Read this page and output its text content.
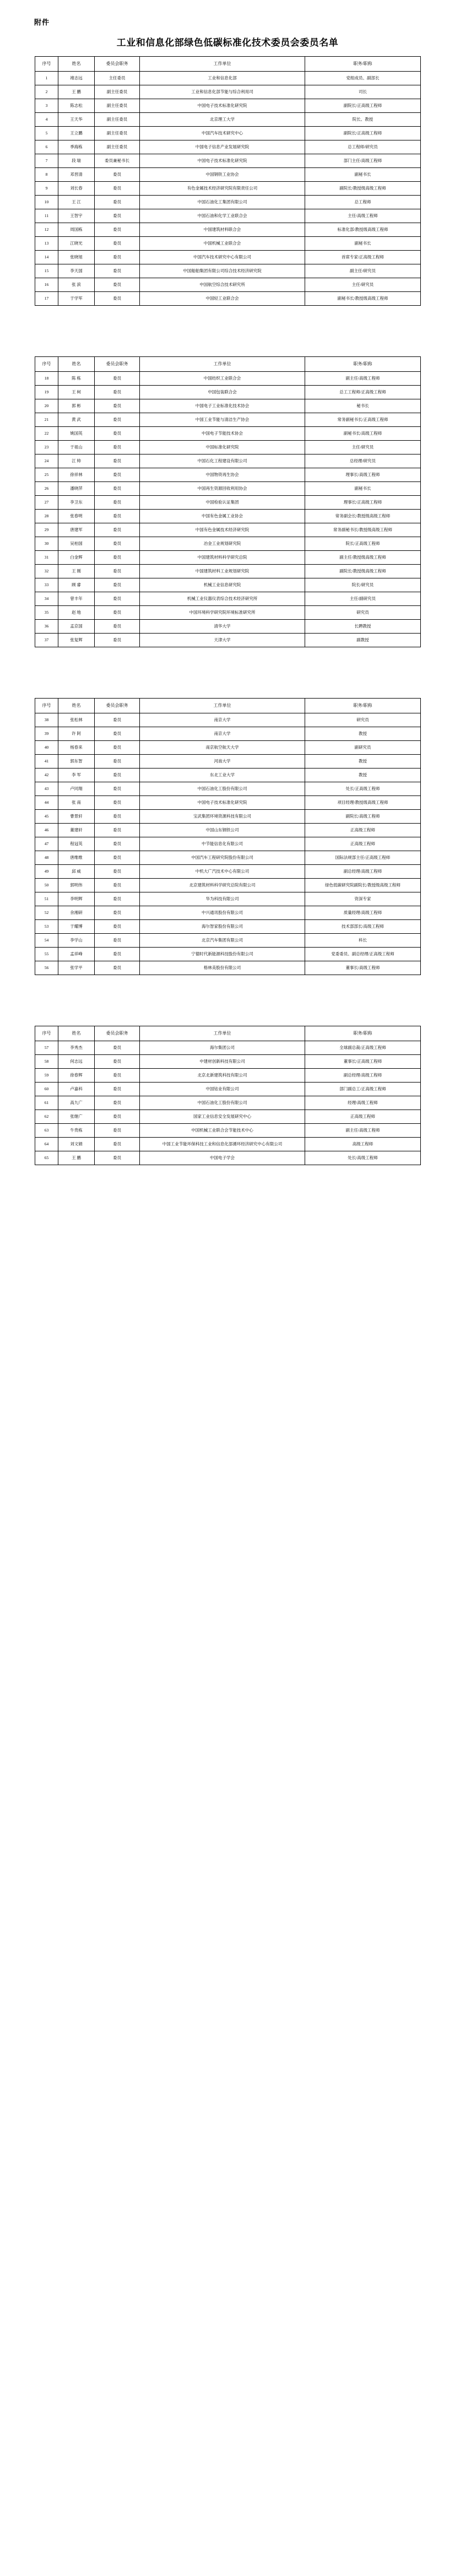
附件
工业和信息化部绿色低碳标准化技术委员会委员名单
序号	姓名	委员会职务	工作单位	职务/职称
1	褚志远	主任委员	工业和信息化部	党组成员、副部长
2	王 鹏	副主任委员	工业和信息化部节能与综合利用司	司长
3	陈志松	副主任委员	中国电子技术标准化研究院	副院长/正高级工程师
4	王天华	副主任委员	北京理工大学	院长、教授
5	王立鹏	副主任委员	中国汽车技术研究中心	副院长/正高级工程师
6	季海栋	副主任委员	中国电子信息产业发展研究院	总工程师/研究员
7	段 瑞	委员兼秘书长	中国电子技术标准化研究院	部门主任/高级工程师
8	邓晋清	委员	中国钢铁工业协会	副秘书长
9	刘长春	委员	有色金属技术经济研究院有限责任公司	副院长/教授级高级工程师
10	王 江	委员	中国石油化工集团有限公司	总工程师
11	王智宇	委员	中国石油和化学工业联合会	主任/高级工程师
12	周国栋	委员	中国建筑材料联合会	标准化部/教授级高级工程师
13	江晓光	委员	中国机械工业联合会	副秘书长
14	张晓旭	委员	中国汽车技术研究中心有限公司	首席专家/正高级工程师
15	李天国	委员	中国船舶集团有限公司综合技术经济研究院	副主任/研究员
16	张 滨	委员	中国航空综合技术研究所	主任/研究员
17	于学军	委员	中国轻工业联合会	副秘书长/教授级高级工程师
序号	姓名	委员会职务	工作单位	职务/职称
18	陈 栋	委员	中国纺织工业联合会	副主任/高级工程师
19	王 柯	委员	中国包装联合会	总工工程师/正高级工程师
20	郭 彬	委员	中国电子工业标准化技术协会	秘书长
21	黄 武	委员	中国工业节能与清洁生产协会	常务副秘书长/正高级工程师
22	姚国英	委员	中国电子节能技术协会	副秘书长/高级工程师
23	于祖山	委员	中国标准化研究院	主任/研究员
24	江 帅	委员	中国石化工程建设有限公司	总经理/研究员
25	徐祥林	委员	中国物资再生协会	理事长/高级工程师
26	潘晓萍	委员	中国再生资源回收利用协会	副秘书长
27	李卫东	委员	中国检验认证集团	理事长/正高级工程师
28	张春明	委员	中国有色金属工业协会	常务副会长/教授级高级工程师
29	唐建军	委员	中国有色金属技术经济研究院	常务副秘书长/教授级高级工程师
30	吴柏国	委员	冶金工业规划研究院	院长/正高级工程师
31	白金辉	委员	中国建筑材料科学研究总院	副主任/教授级高级工程师
32	王 刚	委员	中国建筑材料工业规划研究院	副院长/教授级高级工程师
33	顾 睿	委员	机械工业信息研究院	院长/研究员
34	曾丰年	委员	机械工业仪器仪表综合技术经济研究所	主任/副研究员
35	赵 地	委员	中国环境科学研究院环境标准研究所	研究员
36	孟京国	委员	清华大学	长聘教授
37	张复辉	委员	天津大学	副教授
序号	姓名	委员会职务	工作单位	职务/职称
38	张松林	委员	南京大学	研究员
39	许 阿	委员	南京大学	教授
40	杨春来	委员	南京航空航天大学	副研究员
41	郭东智	委员	河南大学	教授
42	李 军	委员	东北工业大学	教授
43	卢同翔	委员	中国石油化工股份有限公司	处长/正高级工程师
44	张 南	委员	中国电子技术标准化研究院	项目经理/教授级高级工程师
45	曹景轩	委员	宝武集团环境资源科技有限公司	副院长/高级工程师
46	董建轩	委员	中国山东钢铁公司	正高级工程师
47	程冠英	委员	中节能信息化有限公司	正高级工程师
48	唐维维	委员	中国汽车工程研究院股份有限公司	国际法规部主任/正高级工程师
49	邱 威	委员	中机大广汽技术中心有限公司	副总经理/高级工程师
50	郭明伟	委员	北京建筑材料科学研究总院有限公司	绿色低碳研究院副院长/教授级高级工程师
51	李明辉	委员	华为科技有限公司	资深专家
52	余湘研	委员	中兴通讯股份有限公司	质量经理/高级工程师
53	于耀博	委员	海尔智家股份有限公司	技术部部长/高级工程师
54	李学山	委员	北京汽车集团有限公司	科长
55	孟祥峰	委员	宁德时代新能源科技股份有限公司	党委委员、副总经理/正高级工程师
56	张学平	委员	格林美股份有限公司	董事长/高级工程师
序号	姓名	委员会职务	工作单位	职务/职称
57	李秀杰	委员	海尔集团公司	全球副总裁/正高级工程师
58	何志远	委员	中建材创新科技有限公司	董事长/正高级工程师
59	徐春辉	委员	北京北新建筑科技有限公司	副总经理/高级工程师
60	卢嘉科	委员	中国钴业有限公司	部门副总工/正高级工程师
61	高九广	委员	中国石油化工股份有限公司	经理/高级工程师
62	张继广	委员	国家工业信息安全发展研究中心	正高级工程师
63	牛贵栋	委员	中国机械工业联合会节能技术中心	副主任/高级工程师
64	刘文娟	委员	中国工业节能环保科技工业和信息化部循环经济研究中心有限公司	高级工程师
65	王 鹏	委员	中国电子学会	处长/高级工程师
